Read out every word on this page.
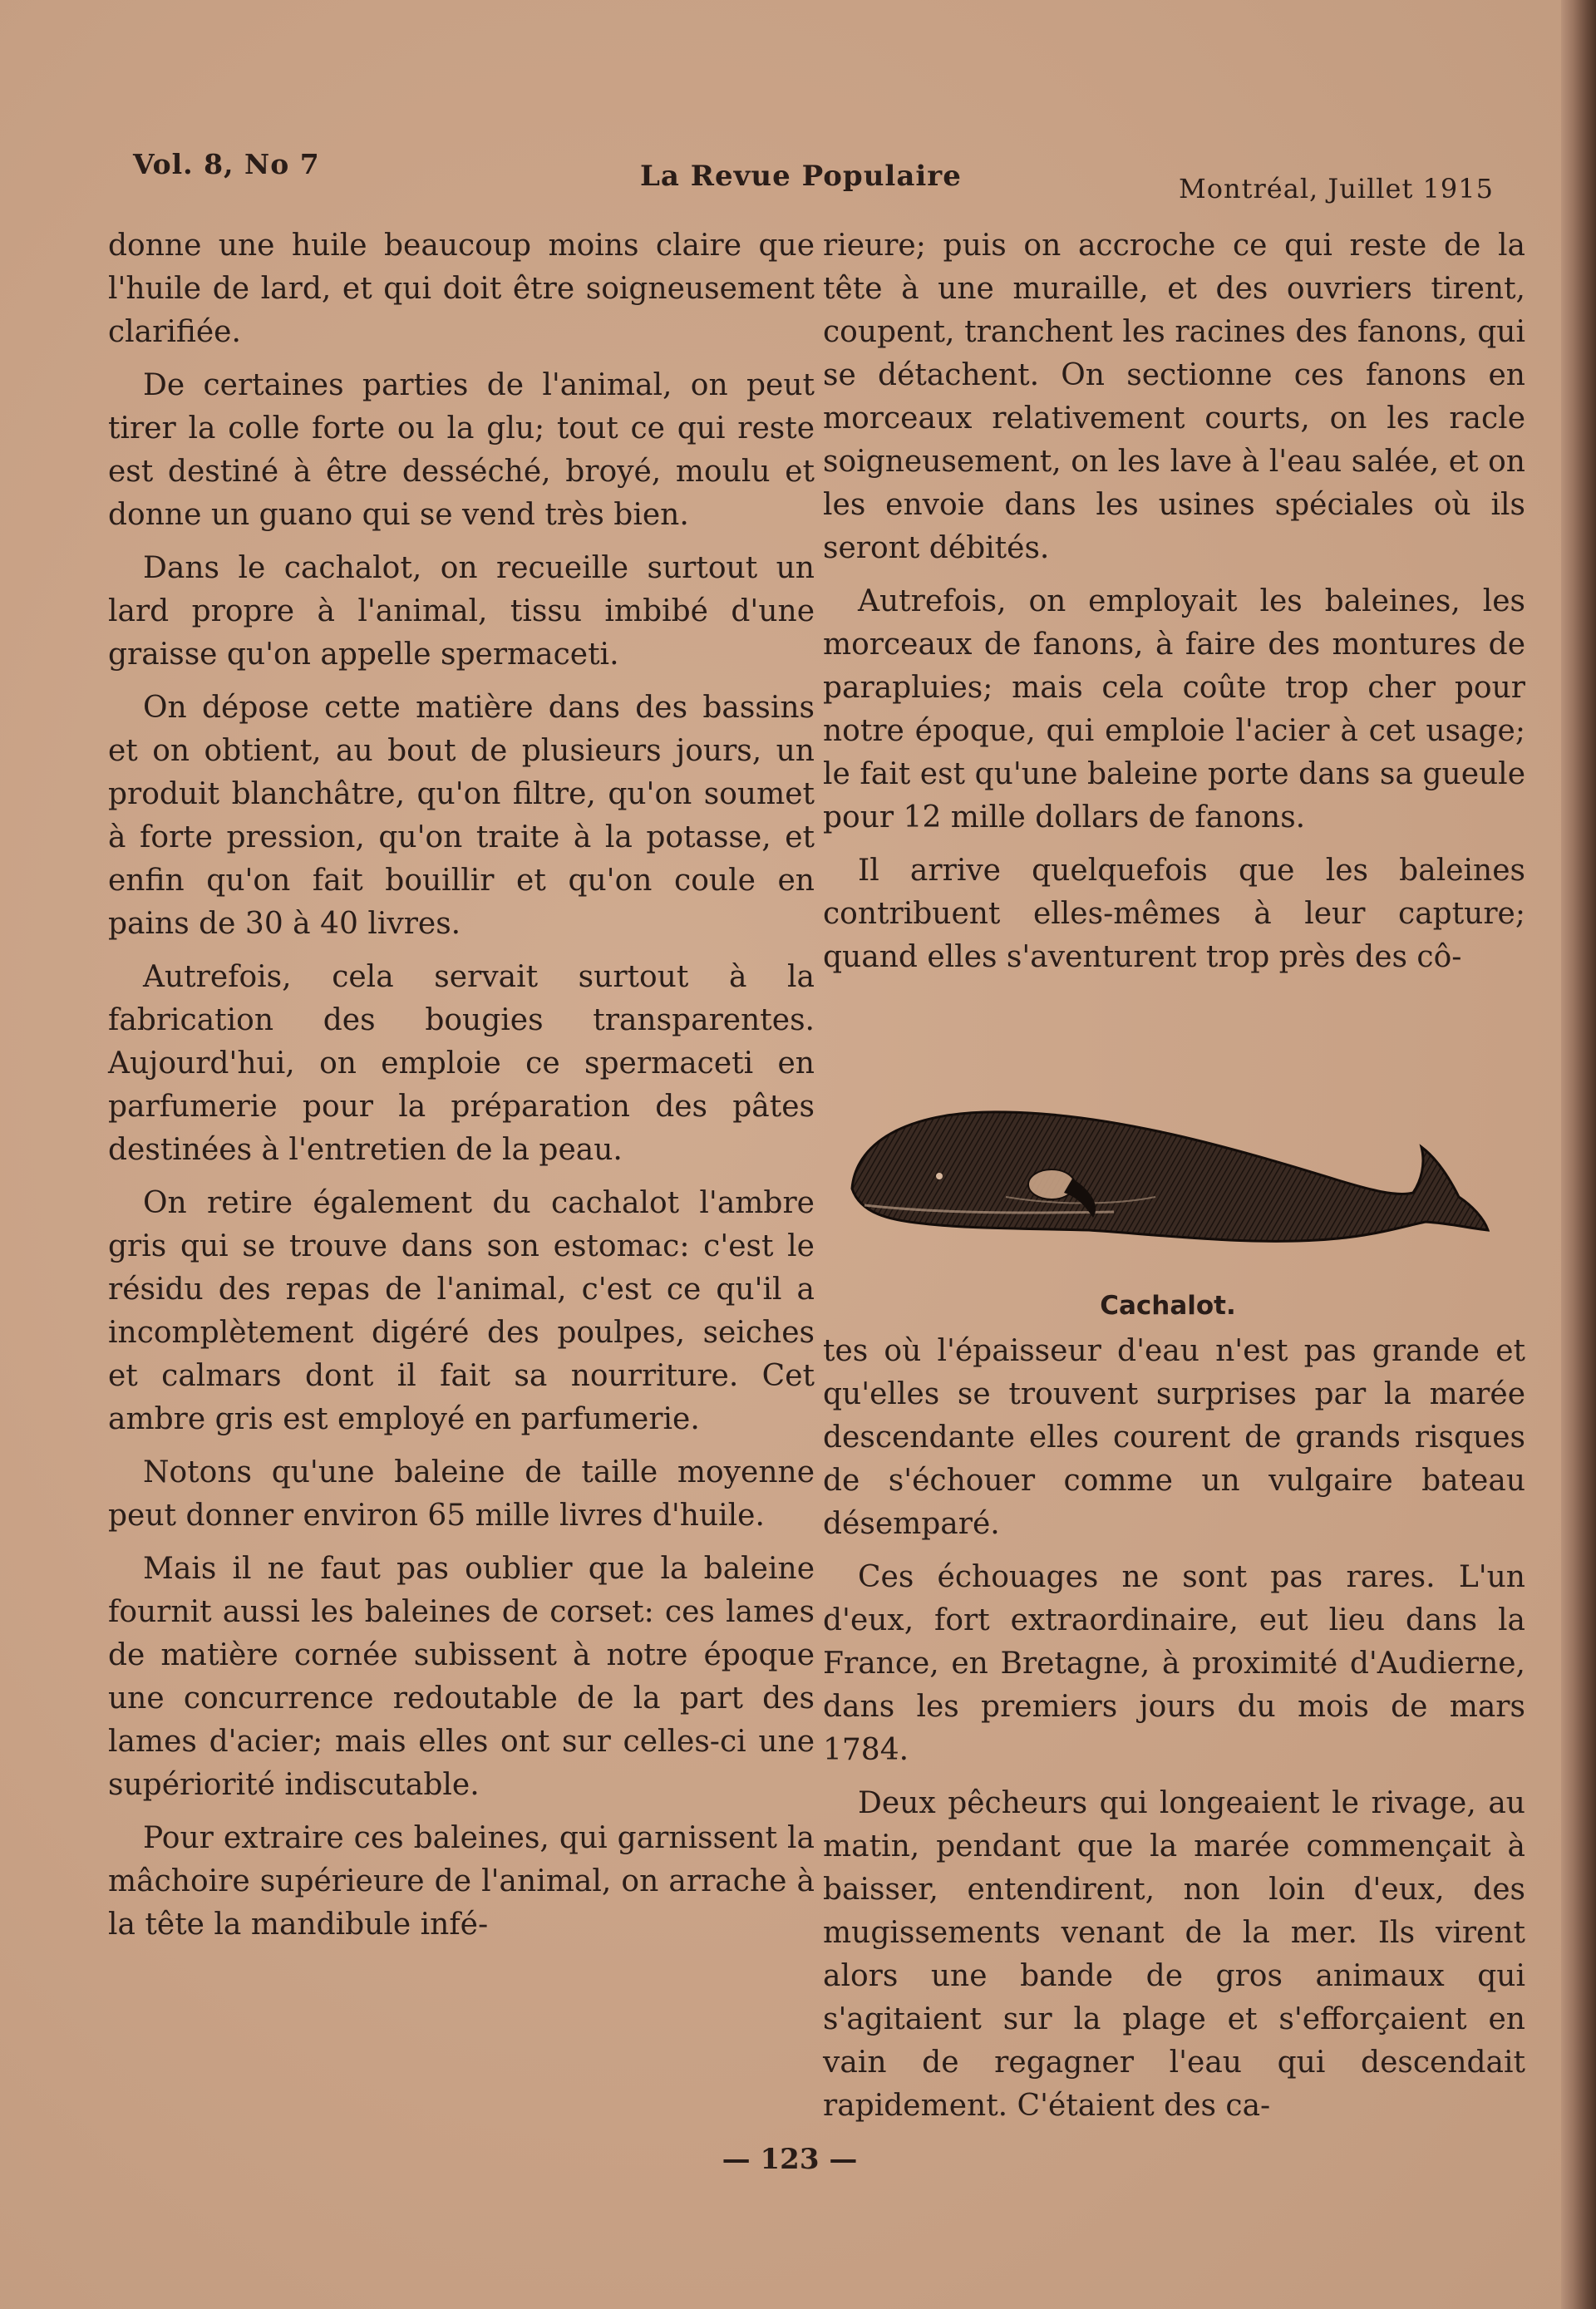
Vol. 8, No 7	La Revue Populaire	Montréal, Juillet 1915

donne une huile beaucoup moins claire que l'huile de lard, et qui doit être soigneusement clarifiée.

De certaines parties de l'animal, on peut tirer la colle forte ou la glu; tout ce qui reste est destiné à être desséché, broyé, moulu et donne un guano qui se vend très bien.

Dans le cachalot, on recueille surtout un lard propre à l'animal, tissu imbibé d'une graisse qu'on appelle spermaceti.

On dépose cette matière dans des bassins et on obtient, au bout de plusieurs jours, un produit blanchâtre, qu'on filtre, qu'on soumet à forte pression, qu'on traite à la potasse, et enfin qu'on fait bouillir et qu'on coule en pains de 30 à 40 livres.

Autrefois, cela servait surtout à la fabrication des bougies transparentes. Aujourd'hui, on emploie ce spermaceti en parfumerie pour la préparation des pâtes destinées à l'entretien de la peau.

On retire également du cachalot l'ambre gris qui se trouve dans son estomac: c'est le résidu des repas de l'animal, c'est ce qu'il a incomplètement digéré des poulpes, seiches et calmars dont il fait sa nourriture. Cet ambre gris est employé en parfumerie.

Notons qu'une baleine de taille moyenne peut donner environ 65 mille livres d'huile.

Mais il ne faut pas oublier que la baleine fournit aussi les baleines de corset: ces lames de matière cornée subissent à notre époque une concurrence redoutable de la part des lames d'acier; mais elles ont sur celles-ci une supériorité indiscutable.

Pour extraire ces baleines, qui garnissent la mâchoire supérieure de l'animal, on arrache à la tête la mandibule infé-

rieure; puis on accroche ce qui reste de la tête à une muraille, et des ouvriers tirent, coupent, tranchent les racines des fanons, qui se détachent. On sectionne ces fanons en morceaux relativement courts, on les racle soigneusement, on les lave à l'eau salée, et on les envoie dans les usines spéciales où ils seront débités.

Autrefois, on employait les baleines, les morceaux de fanons, à faire des montures de parapluies; mais cela coûte trop cher pour notre époque, qui emploie l'acier à cet usage; le fait est qu'une baleine porte dans sa gueule pour 12 mille dollars de fanons.

Il arrive quelquefois que les baleines contribuent elles-mêmes à leur capture; quand elles s'aventurent trop près des cô-

Cachalot.

tes où l'épaisseur d'eau n'est pas grande et qu'elles se trouvent surprises par la marée descendante elles courent de grands risques de s'échouer comme un vulgaire bateau désemparé.

Ces échouages ne sont pas rares. L'un d'eux, fort extraordinaire, eut lieu dans la France, en Bretagne, à proximité d'Audierne, dans les premiers jours du mois de mars 1784.

Deux pêcheurs qui longeaient le rivage, au matin, pendant que la marée commençait à baisser, entendirent, non loin d'eux, des mugissements venant de la mer. Ils virent alors une bande de gros animaux qui s'agitaient sur la plage et s'efforçaient en vain de regagner l'eau qui descendait rapidement. C'étaient des ca-

— 123 —
